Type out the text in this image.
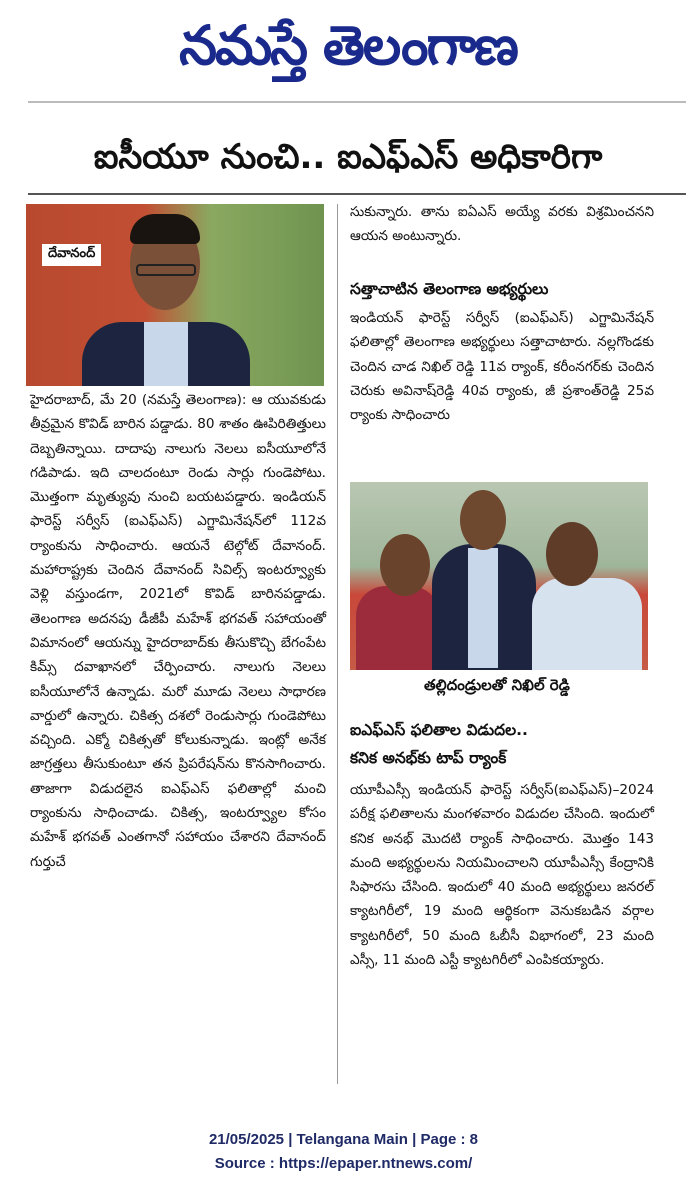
నమస్తే తెలంగాణ
ఐసీయూ నుంచి.. ఐఎఫ్ఎస్ అధికారిగా
దేవానంద్

హైదరాబాద్, మే 20 (నమస్తే తెలంగాణ): ఆ యువకుడు తీవ్రమైన కొవిడ్ బారిన పడ్డాడు. 80 శాతం ఊపిరితిత్తులు దెబ్బతిన్నాయి. దాదాపు నాలుగు నెలలు ఐసీయూలోనే గడిపాడు. ఇది చాలదంటూ రెండు సార్లు గుండెపోటు. మొత్తంగా మృత్యువు నుంచి బయటపడ్డారు. ఇండియన్ ఫారెస్ట్ సర్వీస్ (ఐఎఫ్ఎస్) ఎగ్జామినేషన్‌లో 112వ ర్యాంకును సాధించారు. ఆయనే టెల్గోట్ దేవానంద్. మహారాష్ట్రకు చెందిన దేవానంద్ సివిల్స్ ఇంటర్వ్యూకు వెళ్లి వస్తుండగా, 2021లో కొవిడ్ బారినపడ్డాడు. తెలంగాణ అదనపు డీజీపీ మహేశ్ భగవత్ సహాయంతో విమానంలో ఆయన్ను హైదరాబాద్‌కు తీసుకొచ్చి బేగంపేట కిమ్స్ దవాఖానలో చేర్పించారు. నాలుగు నెలలు ఐసీయూలోనే ఉన్నాడు. మరో మూడు నెలలు సాధారణ వార్డులో ఉన్నారు. చికిత్స దశలో రెండుసార్లు గుండెపోటు వచ్చింది. ఎక్మో చికిత్సతో కోలుకున్నాడు. ఇంట్లో అనేక జాగ్రత్తలు తీసుకుంటూ తన ప్రిపరేషన్‌ను కొనసాగించారు. తాజాగా విడుదలైన ఐఎఫ్ఎస్ ఫలితాల్లో మంచి ర్యాంకును సాధించాడు. చికిత్స, ఇంటర్వ్యూల కోసం మహేశ్ భగవత్ ఎంతగానో సహాయం చేశారని దేవానంద్ గుర్తుచే

సుకున్నారు. తాను ఐఏఎస్ అయ్యే వరకు విశ్రమించనని ఆయన అంటున్నారు.

సత్తాచాటిన తెలంగాణ అభ్యర్థులు

ఇండియన్ ఫారెస్ట్ సర్వీస్ (ఐఎఫ్ఎస్) ఎగ్జామినేషన్ ఫలితాల్లో తెలంగాణ అభ్యర్థులు సత్తాచాటారు. నల్లగొండకు చెందిన చాడ నిఖిల్ రెడ్డి 11వ ర్యాంక్, కరీంనగర్‌కు చెందిన చెరుకు అవినాష్‌రెడ్డి 40వ ర్యాంకు, జీ ప్రశాంత్‌రెడ్డి 25వ ర్యాంకు సాధించారు

తల్లిదండ్రులతో నిఖిల్ రెడ్డి
ఐఎఫ్ఎస్ ఫలితాల విడుదల..
కనిక అనభ్‌కు టాప్ ర్యాంక్

యూపీఎస్సీ ఇండియన్ ఫారెస్ట్ సర్వీస్(ఐఎఫ్ఎస్)–2024 పరీక్ష ఫలితాలను మంగళవారం విడుదల చేసింది. ఇందులో కనిక అనభ్ మొదటి ర్యాంక్ సాధించారు. మొత్తం 143 మంది అభ్యర్థులను నియమించాలని యూపీఎస్సీ కేంద్రానికి సిఫారసు చేసింది. ఇందులో 40 మంది అభ్యర్థులు జనరల్ క్యాటగిరీలో, 19 మంది ఆర్థికంగా వెనుకబడిన వర్గాల క్యాటగిరీలో, 50 మంది ఓబీసీ విభాగంలో, 23 మంది ఎస్సీ, 11 మంది ఎస్టీ క్యాటగిరీలో ఎంపికయ్యారు.

21/05/2025 | Telangana Main | Page : 8
Source : https://epaper.ntnews.com/
